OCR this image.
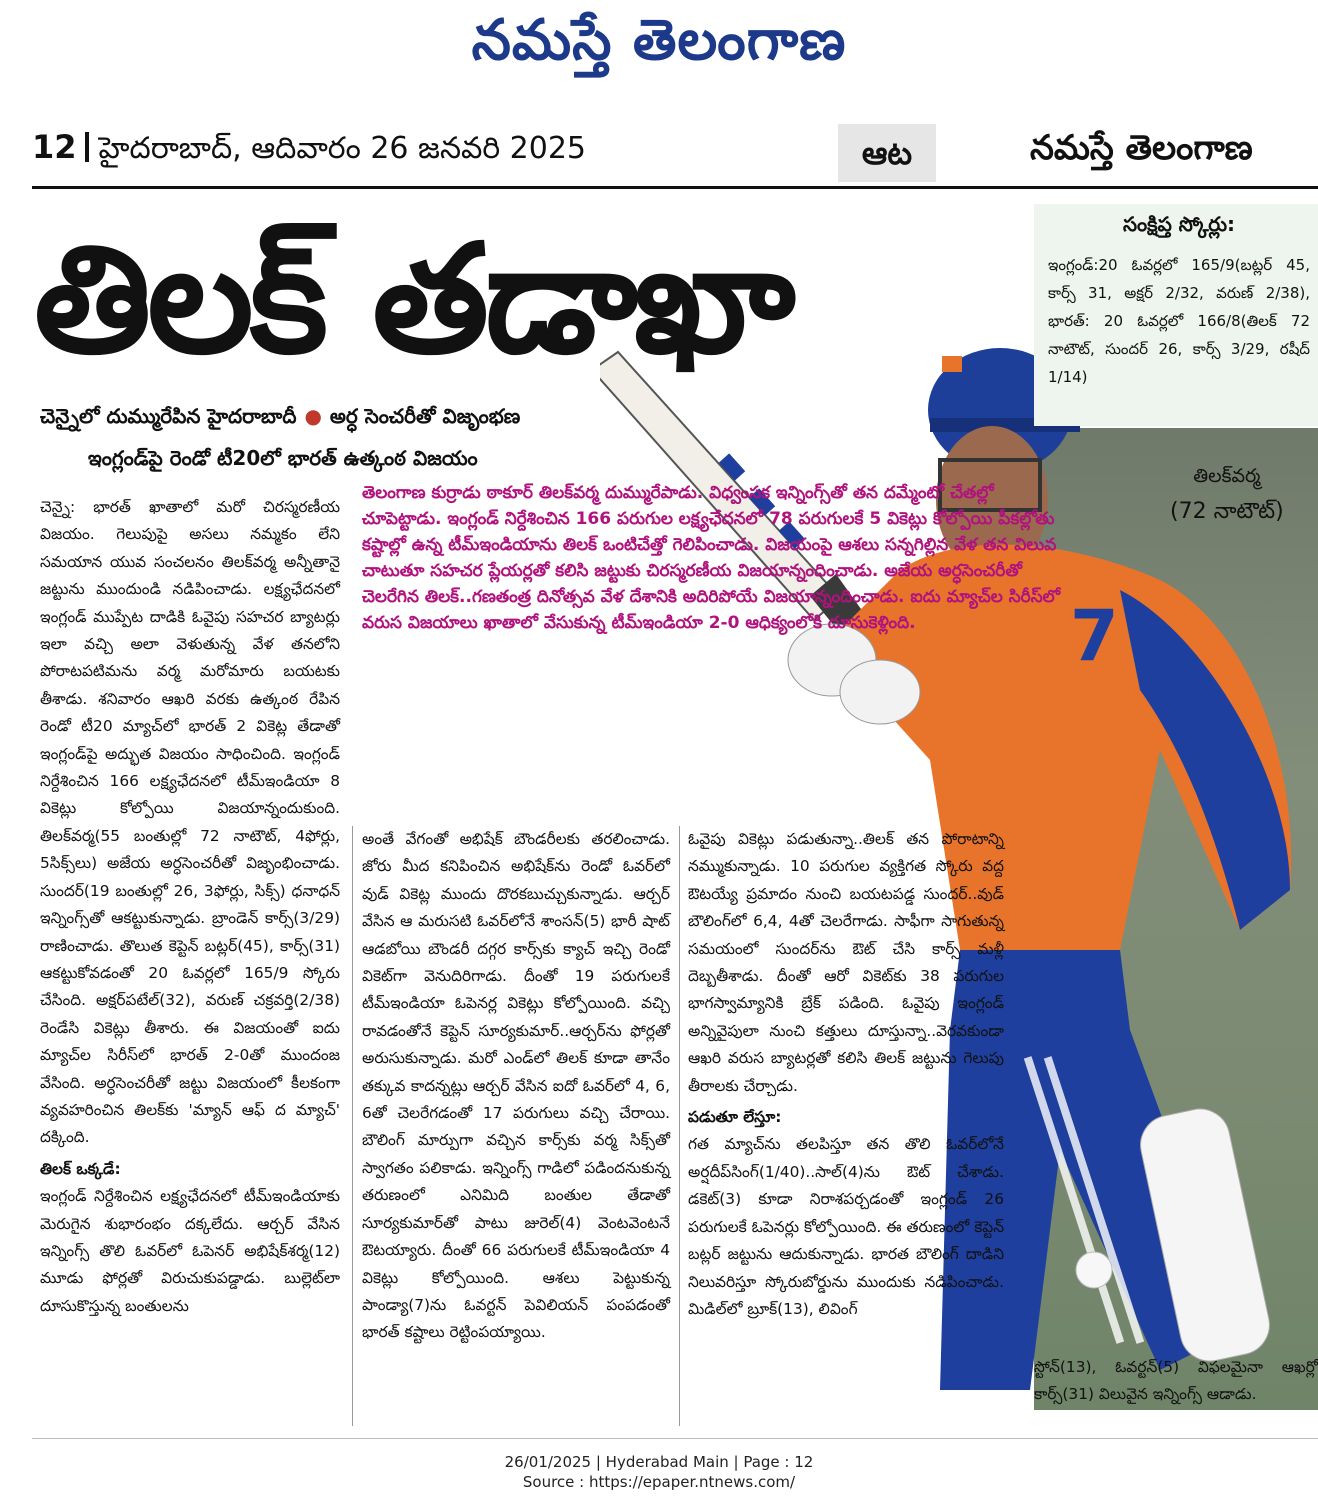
నమస్తే తెలంగాణ
12 హైదరాబాద్, ఆదివారం 26 జనవరి 2025	ఆట	నమస్తే తెలంగాణ
7
తిలక్‌వర్మ
(72 నాటౌట్)
తిలక్ తడాఖా	సంక్షిప్త స్కోర్లు:

ఇంగ్లండ్:20 ఓవర్లలో 165/9(బట్లర్ 45, కార్స్ 31, అక్షర్ 2/32, వరుణ్ 2/38), భారత్: 20 ఓవర్లలో 166/8(తిలక్ 72 నాటౌట్, సుందర్ 26, కార్స్ 3/29, రషీద్ 1/14)

చెన్నైలో దుమ్మురేపిన హైదరాబాదీ ● అర్ధ సెంచరీతో విజృంభణ
ఇంగ్లండ్‌పై రెండో టీ20లో భారత్ ఉత్కంఠ విజయం
తెలంగాణ కుర్రాడు ఠాకూర్ తిలక్‌వర్మ దుమ్మురేపాడు. విధ్వంసక ఇన్నింగ్స్‌తో తన దమ్మేంటో చేతల్లో చూపెట్టాడు. ఇంగ్లండ్ నిర్దేశించిన 166 పరుగుల లక్ష్యఛేదనలో 78 పరుగులకే 5 వికెట్లు కోల్పోయి పీకల్లోతు కష్టాల్లో ఉన్న టీమ్‌ఇండియాను తిలక్ ఒంటిచేత్తో గెలిపించాడు. విజయంపై ఆశలు సన్నగిల్లిన వేళ తన విలువ చాటుతూ సహచర ప్లేయర్లతో కలిసి జట్టుకు చిరస్మరణీయ విజయాన్నందించాడు. అజేయ అర్ధసెంచరీతో చెలరేగిన తిలక్..గణతంత్ర దినోత్సవ వేళ దేశానికి అదిరిపోయే విజయాన్నందించాడు. ఐదు మ్యాచ్‌ల సిరీస్‌లో వరుస విజయాలు ఖాతాలో వేసుకున్న టీమ్‌ఇండియా 2-0 ఆధిక్యంలోకి దూసుకెళ్లింది.

చెన్నై: భారత్ ఖాతాలో మరో చిరస్మరణీయ విజయం. గెలుపుపై అసలు నమ్మకం లేని సమయాన యువ సంచలనం తిలక్‌వర్మ అన్నీతానై జట్టును ముందుండి నడిపించాడు. లక్ష్యఛేదనలో ఇంగ్లండ్ ముప్పేట దాడికి ఓవైపు సహచర బ్యాటర్లు ఇలా వచ్చి అలా వెళుతున్న వేళ తనలోని పోరాటపటిమను వర్మ మరోమారు బయటకు తీశాడు. శనివారం ఆఖరి వరకు ఉత్కంఠ రేపిన రెండో టీ20 మ్యాచ్‌లో భారత్ 2 వికెట్ల తేడాతో ఇంగ్లండ్‌పై అద్భుత విజయం సాధించింది. ఇంగ్లండ్ నిర్దేశించిన 166 లక్ష్యఛేదనలో టీమ్‌ఇండియా 8 వికెట్లు కోల్పోయి విజయాన్నందుకుంది. తిలక్‌వర్మ(55 బంతుల్లో 72 నాటౌట్, 4ఫోర్లు, 5సిక్స్‌లు) అజేయ అర్ధసెంచరీతో విజృంభించాడు. సుందర్(19 బంతుల్లో 26, 3ఫోర్లు, సిక్స్) ధనాధన్ ఇన్నింగ్స్‌తో ఆకట్టుకున్నాడు. బ్రాండెన్ కార్స్(3/29) రాణించాడు. తొలుత కెప్టెన్ బట్లర్(45), కార్స్(31) ఆకట్టుకోవడంతో 20 ఓవర్లలో 165/9 స్కోరు చేసింది. అక్షర్‌పటేల్(32), వరుణ్ చక్రవర్తి(2/38) రెండేసి వికెట్లు తీశారు. ఈ విజయంతో ఐదు మ్యాచ్‌ల సిరీస్‌లో భారత్ 2-0తో ముందంజ వేసింది. అర్ధసెంచరీతో జట్టు విజయంలో కీలకంగా వ్యవహరించిన తిలక్‌కు 'మ్యాన్ ఆఫ్ ద మ్యాచ్' దక్కింది.

తిలక్ ఒక్కడే:

ఇంగ్లండ్ నిర్దేశించిన లక్ష్యఛేదనలో టీమ్‌ఇండియాకు మెరుగైన శుభారంభం దక్కలేదు. ఆర్చర్ వేసిన ఇన్నింగ్స్ తొలి ఓవర్‌లో ఓపెనర్ అభిషేక్‌శర్మ(12) మూడు ఫోర్లతో విరుచుకుపడ్డాడు. బుల్లెట్‌లా దూసుకొస్తున్న బంతులను

అంతే వేగంతో అభిషేక్ బౌండరీలకు తరలించాడు. జోరు మీద కనిపించిన అభిషేక్‌ను రెండో ఓవర్‌లో వుడ్ వికెట్ల ముందు దొరకబుచ్చుకున్నాడు. ఆర్చర్ వేసిన ఆ మరుసటి ఓవర్‌లోనే శాంసన్(5) భారీ షాట్ ఆడబోయి బౌండరీ దగ్గర కార్స్‌కు క్యాచ్ ఇచ్చి రెండో వికెట్‌గా వెనుదిరిగాడు. దీంతో 19 పరుగులకే టీమ్‌ఇండియా ఓపెనర్ల వికెట్లు కోల్పోయింది. వచ్చి రావడంతోనే కెప్టెన్ సూర్యకుమార్..ఆర్చర్‌ను ఫోర్లతో అరుసుకున్నాడు. మరో ఎండ్‌లో తిలక్ కూడా తానేం తక్కువ కాదన్నట్లు ఆర్చర్ వేసిన ఐదో ఓవర్‌లో 4, 6, 6తో చెలరేగడంతో 17 పరుగులు వచ్చి చేరాయి. బౌలింగ్ మార్పుగా వచ్చిన కార్స్‌కు వర్మ సిక్స్‌తో స్వాగతం పలికాడు. ఇన్నింగ్స్ గాడిలో పడిందనుకున్న తరుణంలో ఎనిమిది బంతుల తేడాతో సూర్యకుమార్‌తో పాటు జురెల్(4) వెంటవెంటనే ఔటయ్యారు. దీంతో 66 పరుగులకే టీమ్‌ఇండియా 4 వికెట్లు కోల్పోయింది. ఆశలు పెట్టుకున్న పాండ్యా(7)ను ఓవర్టన్ పెవిలియన్ పంపడంతో భారత్ కష్టాలు రెట్టింపయ్యాయి.

ఓవైపు వికెట్లు పడుతున్నా..తిలక్ తన పోరాటాన్ని నమ్ముకున్నాడు. 10 పరుగుల వ్యక్తిగత స్కోరు వద్ద ఔటయ్యే ప్రమాదం నుంచి బయటపడ్డ సుందర్..వుడ్ బౌలింగ్‌లో 6,4, 4తో చెలరేగాడు. సాఫీగా సాగుతున్న సమయంలో సుందర్‌ను ఔట్ చేసి కార్స్ మళ్లీ దెబ్బతీశాడు. దీంతో ఆరో వికెట్‌కు 38 పరుగుల భాగస్వామ్యానికి బ్రేక్ పడింది. ఓవైపు ఇంగ్లండ్ అన్నివైపులా నుంచి కత్తులు దూస్తున్నా..వెరవకుండా ఆఖరి వరుస బ్యాటర్లతో కలిసి తిలక్ జట్టును గెలుపు తీరాలకు చేర్చాడు.

పడుతూ లేస్తూ:

గత మ్యాచ్‌ను తలపిస్తూ తన తొలి ఓవర్‌లోనే అర్షదీప్‌సింగ్(1/40)..సాల్(4)ను ఔట్ చేశాడు. డకెట్(3) కూడా నిరాశపర్చడంతో ఇంగ్లండ్ 26 పరుగులకే ఓపెనర్లు కోల్పోయింది. ఈ తరుణంలో కెప్టెన్ బట్లర్ జట్టును ఆదుకున్నాడు. భారత బౌలింగ్ దాడిని నిలువరిస్తూ స్కోరుబోర్డును ముందుకు నడిపించాడు. మిడిల్‌లో బ్రూక్(13), లివింగ్

స్టోన్(13), ఓవర్టన్(5) విఫలమైనా ఆఖర్లో కార్స్(31) విలువైన ఇన్నింగ్స్ ఆడాడు.

26/01/2025 | Hyderabad Main | Page : 12
Source : https://epaper.ntnews.com/
